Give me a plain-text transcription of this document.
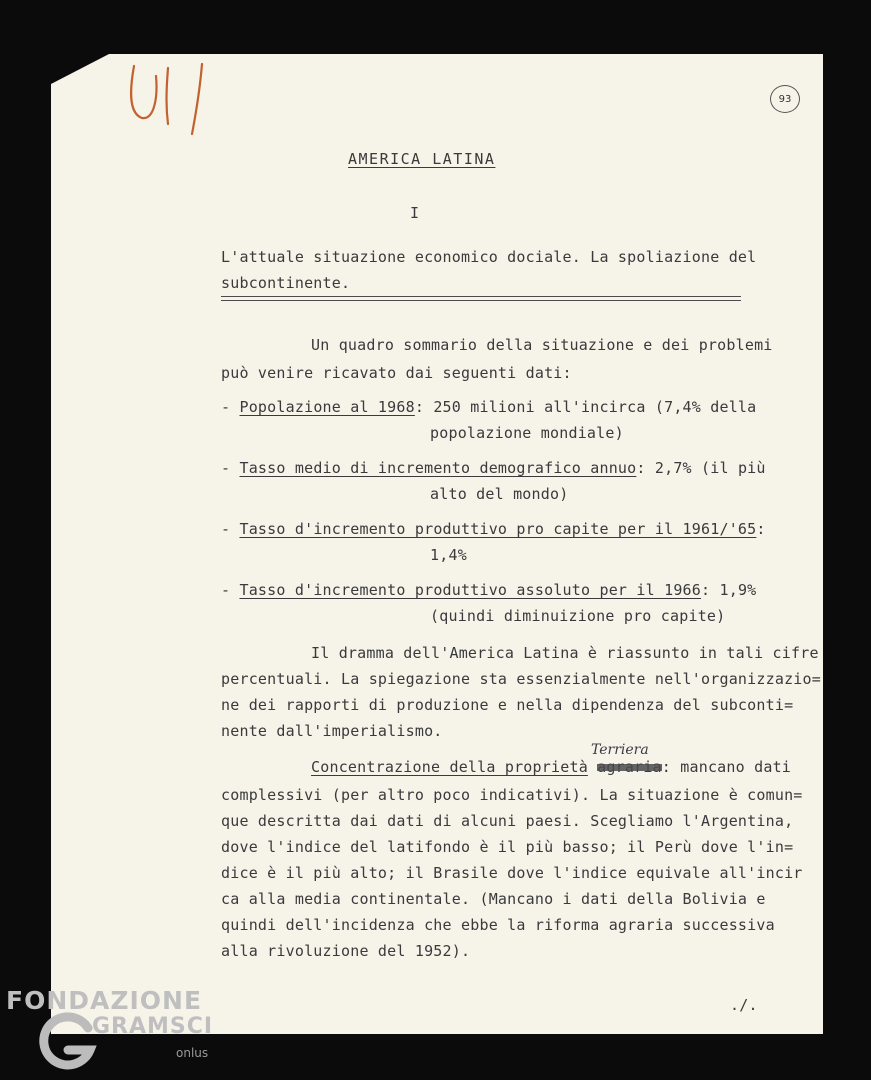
Ul/
93
AMERICA LATINA
I
L'attuale situazione economico dociale. La spoliazione del
subcontinente.
Un quadro sommario della situazione e dei problemi
può venire ricavato dai seguenti dati:
- Popolazione al 1968: 250 milioni all'incirca (7,4% della
popolazione mondiale)
- Tasso medio di incremento demografico annuo: 2,7% (il più
alto del mondo)
- Tasso d'incremento produttivo pro capite per il 1961/'65:
1,4%
- Tasso d'incremento produttivo assoluto per il 1966: 1,9%
(quindi diminuizione pro capite)
Il dramma dell'America Latina è riassunto in tali cifre
percentuali. La spiegazione sta essenzialmente nell'organizzazio=
ne dei rapporti di produzione e nella dipendenza del subconti=
nente dall'imperialismo.
Terriera
Concentrazione della proprietà	: mancano dati
complessivi (per altro poco indicativi). La situazione è comun=
que descritta dai dati di alcuni paesi. Scegliamo l'Argentina,
dove l'indice del latifondo è il più basso; il Perù dove l'in=
dice è il più alto; il Brasile dove l'indice equivale all'incir
ca alla media continentale. (Mancano i dati della Bolivia e
quindi dell'incidenza che ebbe la riforma agraria successiva
alla rivoluzione del 1952).
./.
FONDAZIONE
GRAMSCI
onlus
